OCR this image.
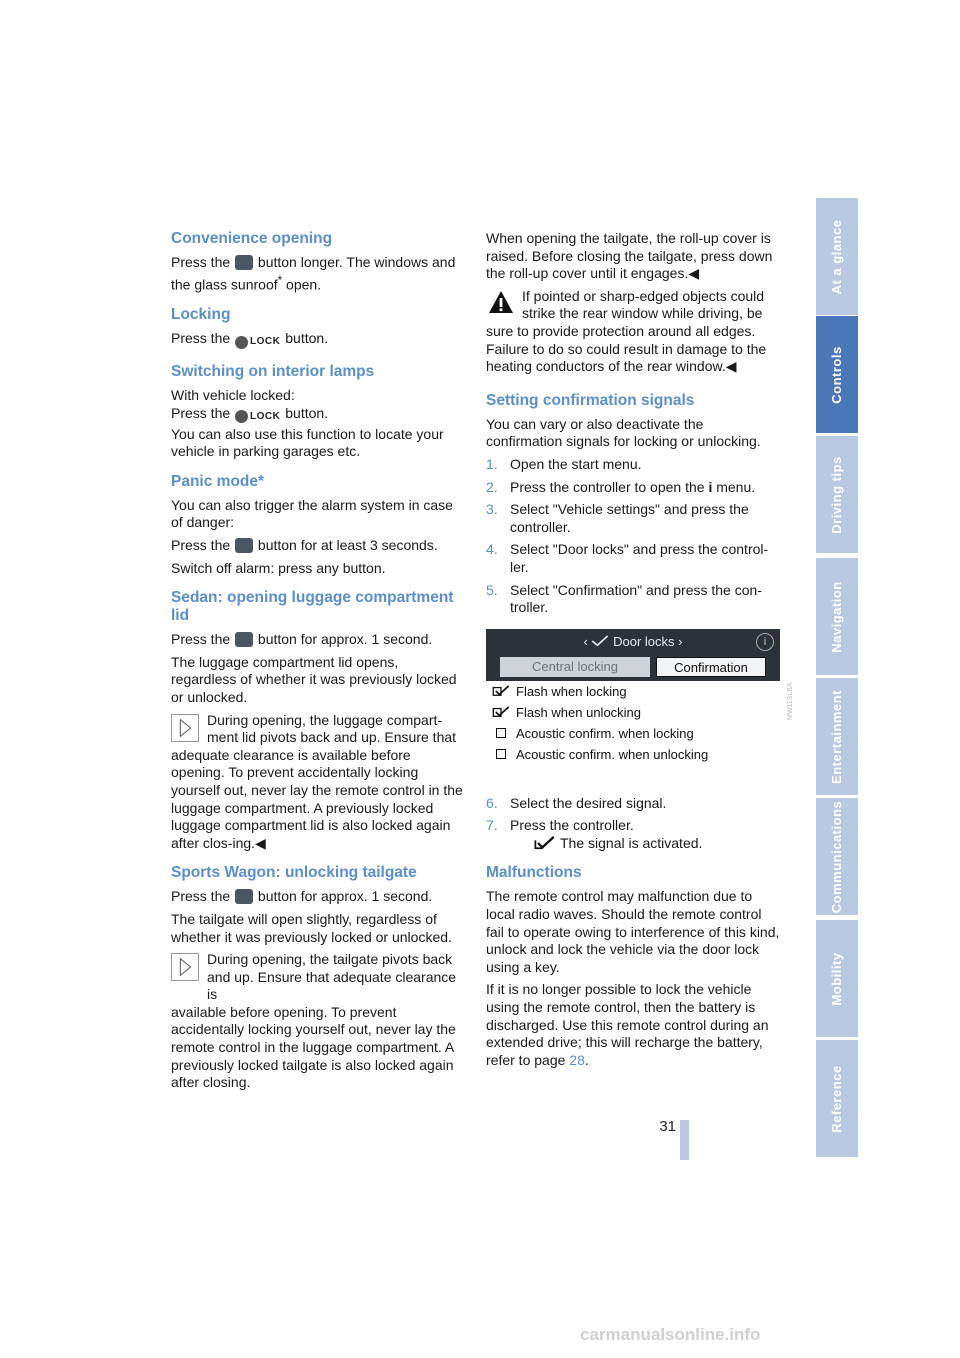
Convenience opening

Press the button longer. The windows and the glass sunroof* open.

Locking

Press the LOCK button.

Switching on interior lamps

With vehicle locked:
Press the LOCK button.
You can also use this function to locate your vehicle in parking garages etc.

Panic mode*

You can also trigger the alarm system in case of danger:

Press the button for at least 3 seconds.

Switch off alarm: press any button.

Sedan: opening luggage compartment lid

Press the button for approx. 1 second.

The luggage compartment lid opens, regardless of whether it was previously locked or unlocked.

During opening, the luggage compart-ment lid pivots back and up. Ensure that
adequate clearance is available before opening. To prevent accidentally locking yourself out, never lay the remote control in the luggage compartment. A previously locked luggage compartment lid is also locked again after clos-ing.◀
Sports Wagon: unlocking tailgate

Press the button for approx. 1 second.

The tailgate will open slightly, regardless of whether it was previously locked or unlocked.

During opening, the tailgate pivots back and up. Ensure that adequate clearance is
available before opening. To prevent accidentally locking yourself out, never lay the remote control in the luggage compartment. A previously locked tailgate is also locked again after closing.

When opening the tailgate, the roll-up cover is raised. Before closing the tailgate, press down the roll-up cover until it engages.◀

If pointed or sharp-edged objects could strike the rear window while driving, be
sure to provide protection around all edges. Failure to do so could result in damage to the heating conductors of the rear window.◀
Setting confirmation signals

You can vary or also deactivate the confirmation signals for locking or unlocking.

1. Open the start menu.
2. Press the controller to open the i menu.
3. Select "Vehicle settings" and press the controller.
4. Select "Door locks" and press the control-ler.
5. Select "Confirmation" and press the con-troller.
‹  Door locks ›	i
Central locking	Confirmation
Flash when locking
Flash when unlocking
Acoustic confirm. when locking
Acoustic confirm. when unlocking
6. Select the desired signal.
7. Press the controller.
The signal is activated.
Malfunctions

The remote control may malfunction due to local radio waves. Should the remote control fail to operate owing to interference of this kind, unlock and lock the vehicle via the door lock using a key.

If it is no longer possible to lock the vehicle using the remote control, then the battery is discharged. Use this remote control during an extended drive; this will recharge the battery, refer to page 28.

MW11SLBA
At a glance
Controls
Driving tips
Navigation
Entertainment
Communications
Mobility
Reference
31
carmanualsonline.info
